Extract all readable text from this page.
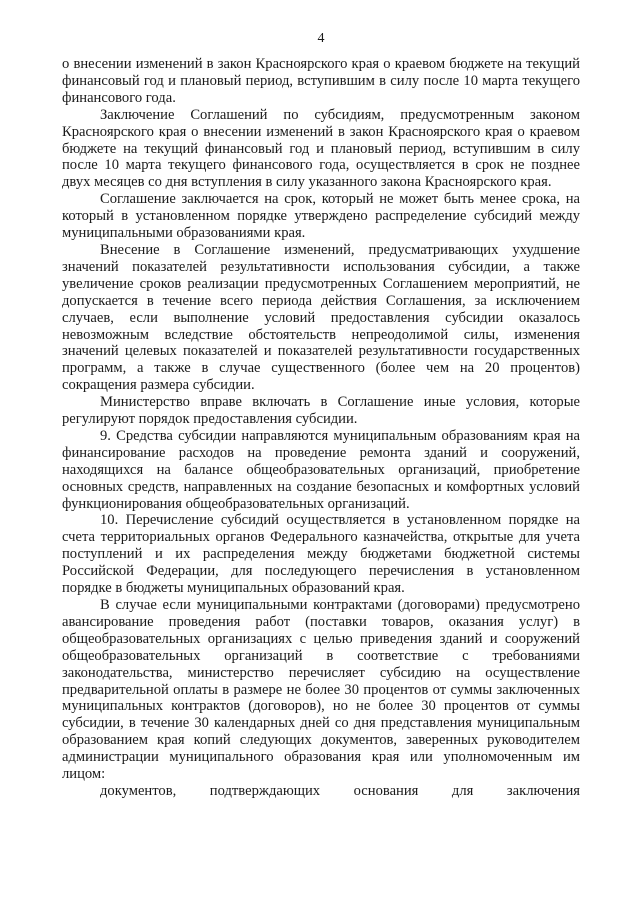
4

о внесении изменений в закон Красноярского края о краевом бюджете на текущий финансовый год и плановый период, вступившим в силу после 10 марта текущего финансового года.

Заключение Соглашений по субсидиям, предусмотренным законом Красноярского края о внесении изменений в закон Красноярского края о краевом бюджете на текущий финансовый год и плановый период, вступившим в силу после 10 марта текущего финансового года, осуществляется в срок не позднее двух месяцев со дня вступления в силу указанного закона Красноярского края.

Соглашение заключается на срок, который не может быть менее срока, на который в установленном порядке утверждено распределение субсидий между муниципальными образованиями края.

Внесение в Соглашение изменений, предусматривающих ухудшение значений показателей результативности использования субсидии, а также увеличение сроков реализации предусмотренных Соглашением мероприятий, не допускается в течение всего периода действия Соглашения, за исключением случаев, если выполнение условий предоставления субсидии оказалось невозможным вследствие обстоятельств непреодолимой силы, изменения значений целевых показателей и показателей результативности государственных программ, а также в случае существенного (более чем на 20 процентов) сокращения размера субсидии.

Министерство вправе включать в Соглашение иные условия, которые регулируют порядок предоставления субсидии.

9. Средства субсидии направляются муниципальным образованиям края на финансирование расходов на проведение ремонта зданий и сооружений, находящихся на балансе общеобразовательных организаций, приобретение основных средств, направленных на создание безопасных и комфортных условий функционирования общеобразовательных организаций.

10. Перечисление субсидий осуществляется в установленном порядке на счета территориальных органов Федерального казначейства, открытые для учета поступлений и их распределения между бюджетами бюджетной системы Российской Федерации, для последующего перечисления в установленном порядке в бюджеты муниципальных образований края.

В случае если муниципальными контрактами (договорами) предусмотрено авансирование проведения работ (поставки товаров, оказания услуг) в общеобразовательных организациях с целью приведения зданий и сооружений общеобразовательных организаций в соответствие с требованиями законодательства, министерство перечисляет субсидию на осуществление предварительной оплаты в размере не более 30 процентов от суммы заключенных муниципальных контрактов (договоров), но не более 30 процентов от суммы субсидии, в течение 30 календарных дней со дня представления муниципальным образованием края копий следующих документов, заверенных руководителем администрации муниципального образования края или уполномоченным им лицом:

документов, подтверждающих основания для заключения
